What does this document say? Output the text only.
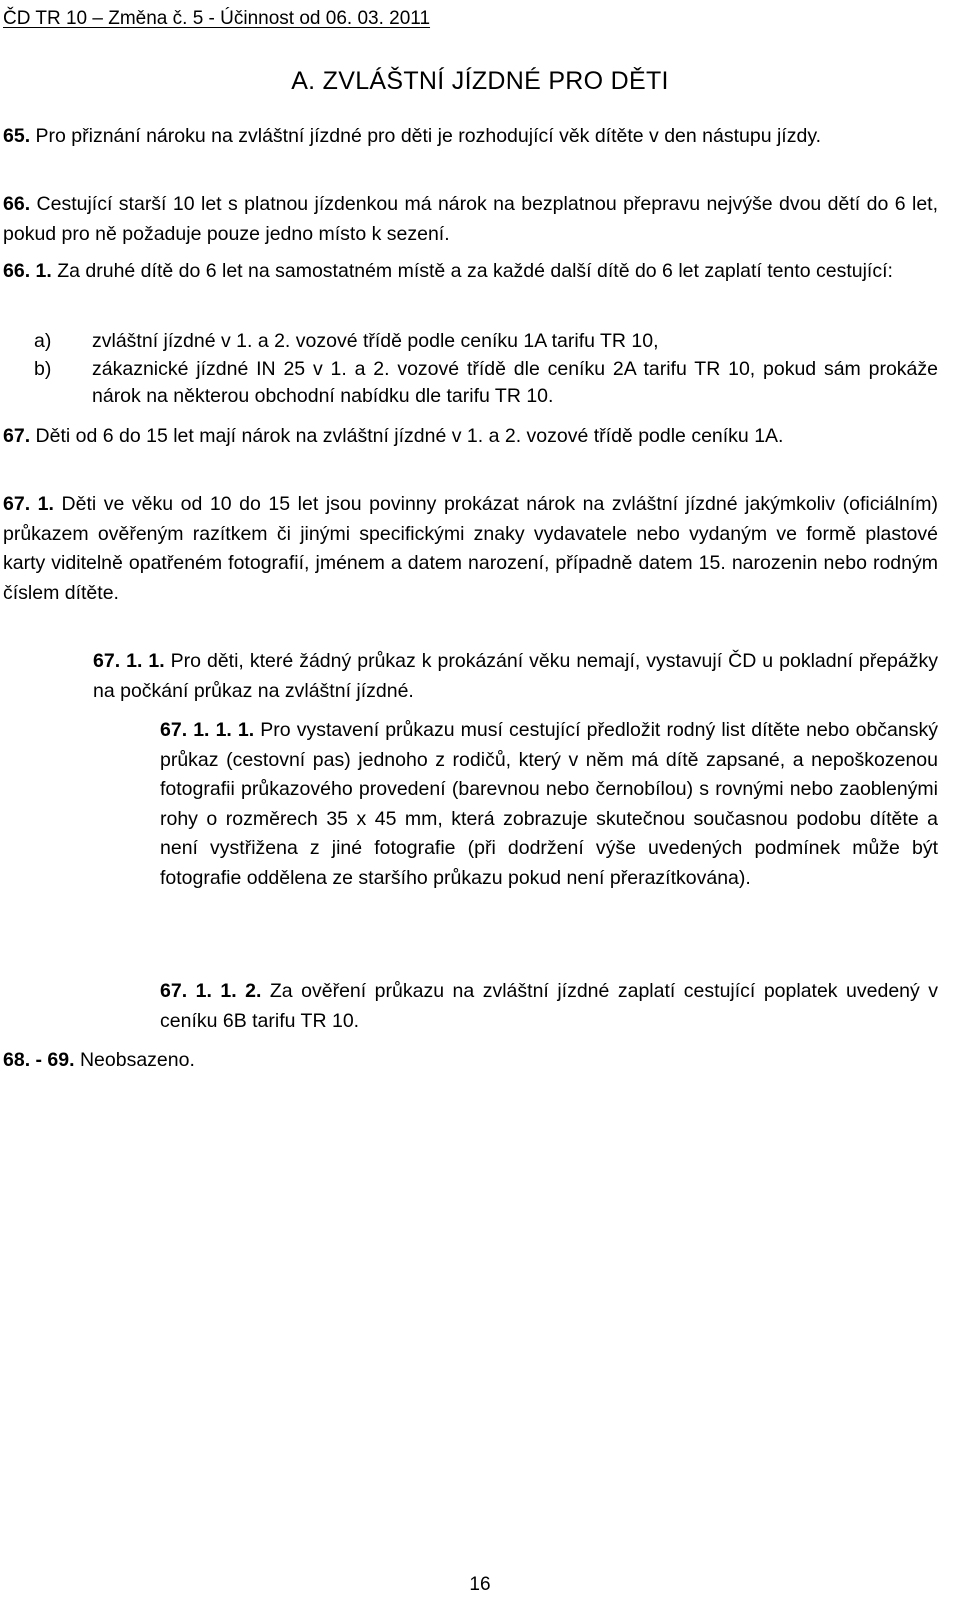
ČD TR 10 – Změna č. 5 - Účinnost od 06. 03. 2011
A. ZVLÁŠTNÍ JÍZDNÉ PRO DĚTI

65. Pro přiznání nároku na zvláštní jízdné pro děti je rozhodující věk dítěte v den nástupu jízdy.

66. Cestující starší 10 let s platnou jízdenkou má nárok na bezplatnou přepravu nejvýše dvou dětí do 6 let, pokud pro ně požaduje pouze jedno místo k sezení.

66. 1. Za druhé dítě do 6 let na samostatném místě a za každé další dítě do 6 let zaplatí tento cestující:

a) zvláštní jízdné v 1. a 2. vozové třídě podle ceníku 1A tarifu TR 10,
b) zákaznické jízdné IN 25 v 1. a 2. vozové třídě dle ceníku 2A tarifu TR 10, pokud sám prokáže nárok na některou obchodní nabídku dle tarifu TR 10.

67. Děti od 6 do 15 let mají nárok na zvláštní jízdné v 1. a 2. vozové třídě podle ceníku 1A.

67. 1. Děti ve věku od 10 do 15 let jsou povinny prokázat nárok na zvláštní jízdné jakýmkoliv (oficiálním) průkazem ověřeným razítkem či jinými specifickými znaky vydavatele nebo vydaným ve formě plastové karty viditelně opatřeném fotografií, jménem a datem narození, případně datem 15. narozenin nebo rodným číslem dítěte.

67. 1. 1. Pro děti, které žádný průkaz k prokázání věku nemají, vystavují ČD u pokladní přepážky na počkání průkaz na zvláštní jízdné.

67. 1. 1. 1. Pro vystavení průkazu musí cestující předložit rodný list dítěte nebo občanský průkaz (cestovní pas) jednoho z rodičů, který v něm má dítě zapsané, a nepoškozenou fotografii průkazového provedení (barevnou nebo černobílou) s rovnými nebo zaoblenými rohy o rozměrech 35 x 45 mm, která zobrazuje skutečnou současnou podobu dítěte a není vystřižena z jiné fotografie (při dodržení výše uvedených podmínek může být fotografie oddělena ze staršího průkazu pokud není přerazítkována).

67. 1. 1. 2. Za ověření průkazu na zvláštní jízdné zaplatí cestující poplatek uvedený v ceníku 6B tarifu TR 10.

68. - 69. Neobsazeno.

16
